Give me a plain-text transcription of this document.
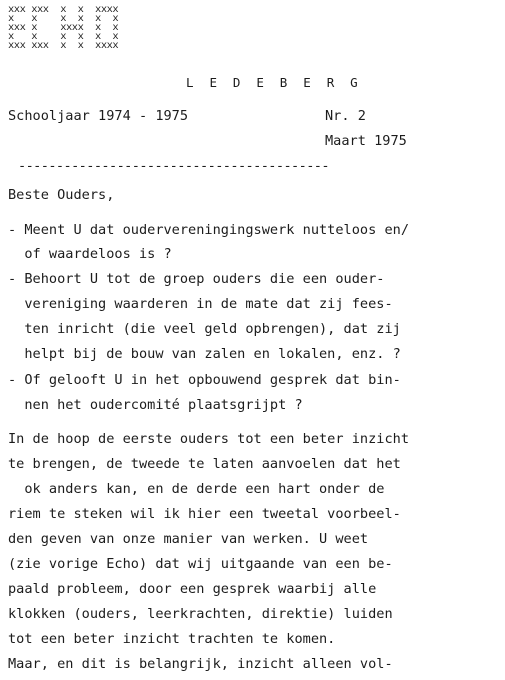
xxx xxx  x  x  xxxx
x   x    x  x  x  x
xxx x    xxxx  x  x
x   x    x  x  x  x
xxx xxx  x  x  xxxx
L E D E B E R G
Schooljaar 1974 - 1975	Nr. 2
Maart 1975
-----------------------------------------
Beste Ouders,
- Meent U dat oudervereningingswerk nutteloos en/
of waardeloos is ?
- Behoort U tot de groep ouders die een ouder-
vereniging waarderen in de mate dat zij fees-
ten inricht (die veel geld opbrengen), dat zij
helpt bij de bouw van zalen en lokalen, enz. ?
- Of gelooft U in het opbouwend gesprek dat bin-
nen het oudercomité plaatsgrijpt ?
In de hoop de eerste ouders tot een beter inzicht
te brengen, de tweede te laten aanvoelen dat het
ok anders kan, en de derde een hart onder de
riem te steken wil ik hier een tweetal voorbeel-
den geven van onze manier van werken. U weet
(zie vorige Echo) dat wij uitgaande van een be-
paald probleem, door een gesprek waarbij alle
klokken (ouders, leerkrachten, direktie) luiden
tot een beter inzicht trachten te komen.
Maar, en dit is belangrijk, inzicht alleen vol-
